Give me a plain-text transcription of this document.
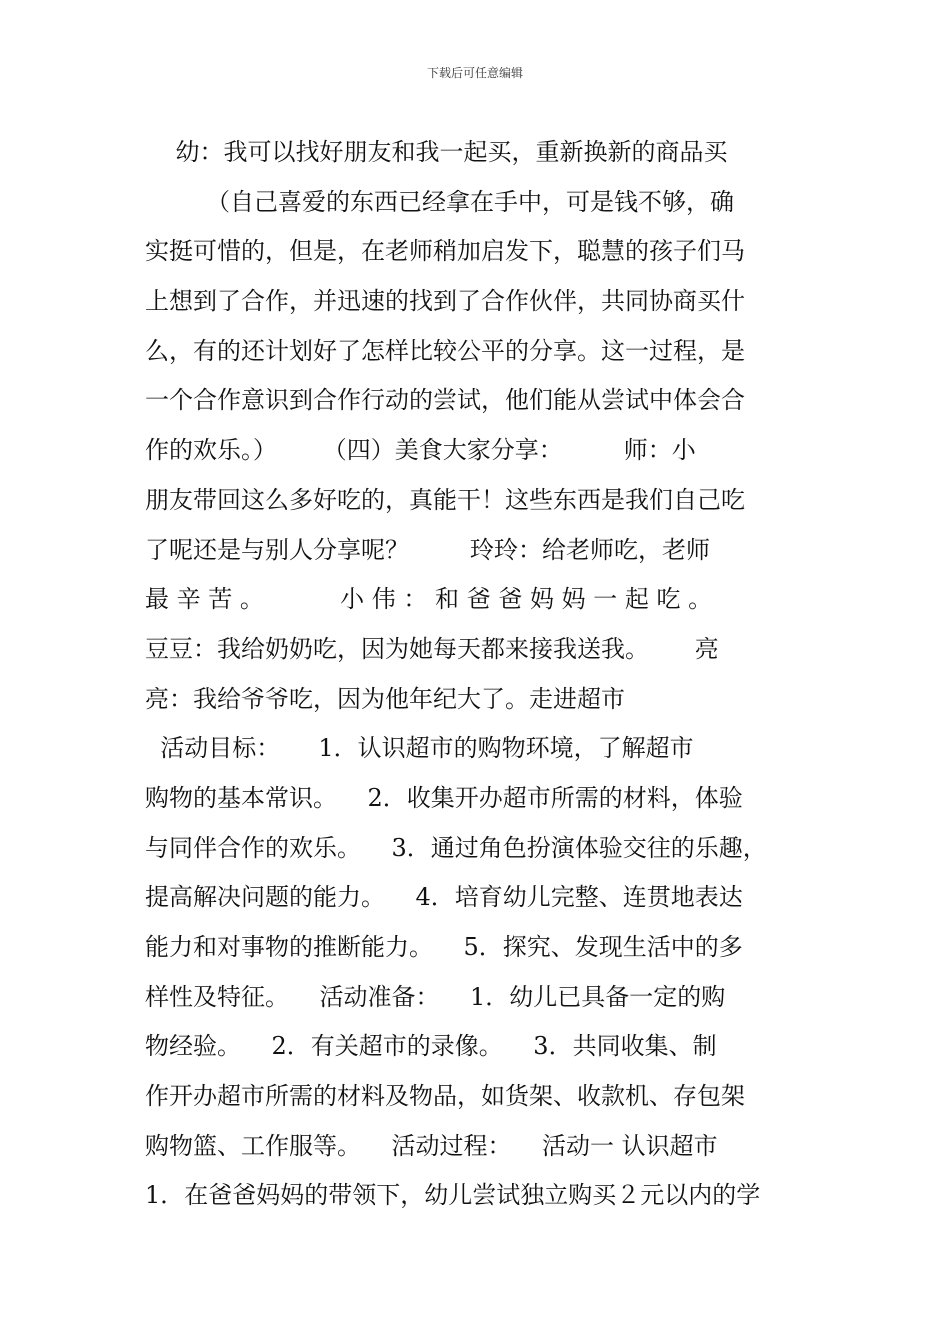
下载后可任意编辑
幼：我可以找好朋友和我一起买，重新换新的商品买
（自己喜爱的东西已经拿在手中，可是钱不够，确
实挺可惜的，但是，在老师稍加启发下，聪慧的孩子们马
上想到了合作，并迅速的找到了合作伙伴，共同协商买什
么，有的还计划好了怎样比较公平的分享。这一过程，是
一个合作意识到合作行动的尝试，他们能从尝试中体会合
作的欢乐。）      （四）美食大家分享：        师：小
朋友带回这么多好吃的，真能干！这些东西是我们自己吃
了呢还是与别人分享呢？        玲玲：给老师吃，老师
最 辛 苦 。          小 伟 ： 和 爸 爸 妈 妈 一 起 吃 。
豆豆：我给奶奶吃，因为她每天都来接我送我。      亮
亮：我给爷爷吃，因为他年纪大了。走进超市
活动目标：     1．认识超市的购物环境，了解超市
购物的基本常识。    2．收集开办超市所需的材料，体验
与同伴合作的欢乐。    3．通过角色扮演体验交往的乐趣，
提高解决问题的能力。    4．培育幼儿完整、连贯地表达
能力和对事物的推断能力。    5．探究、发现生活中的多
样性及特征。    活动准备：    1．幼儿已具备一定的购
物经验。    2．有关超市的录像。    3．共同收集、制
作开办超市所需的材料及物品，如货架、收款机、存包架
购物篮、工作服等。    活动过程：    活动一 认识超市
1．在爸爸妈妈的带领下，幼儿尝试独立购买２元以内的学
